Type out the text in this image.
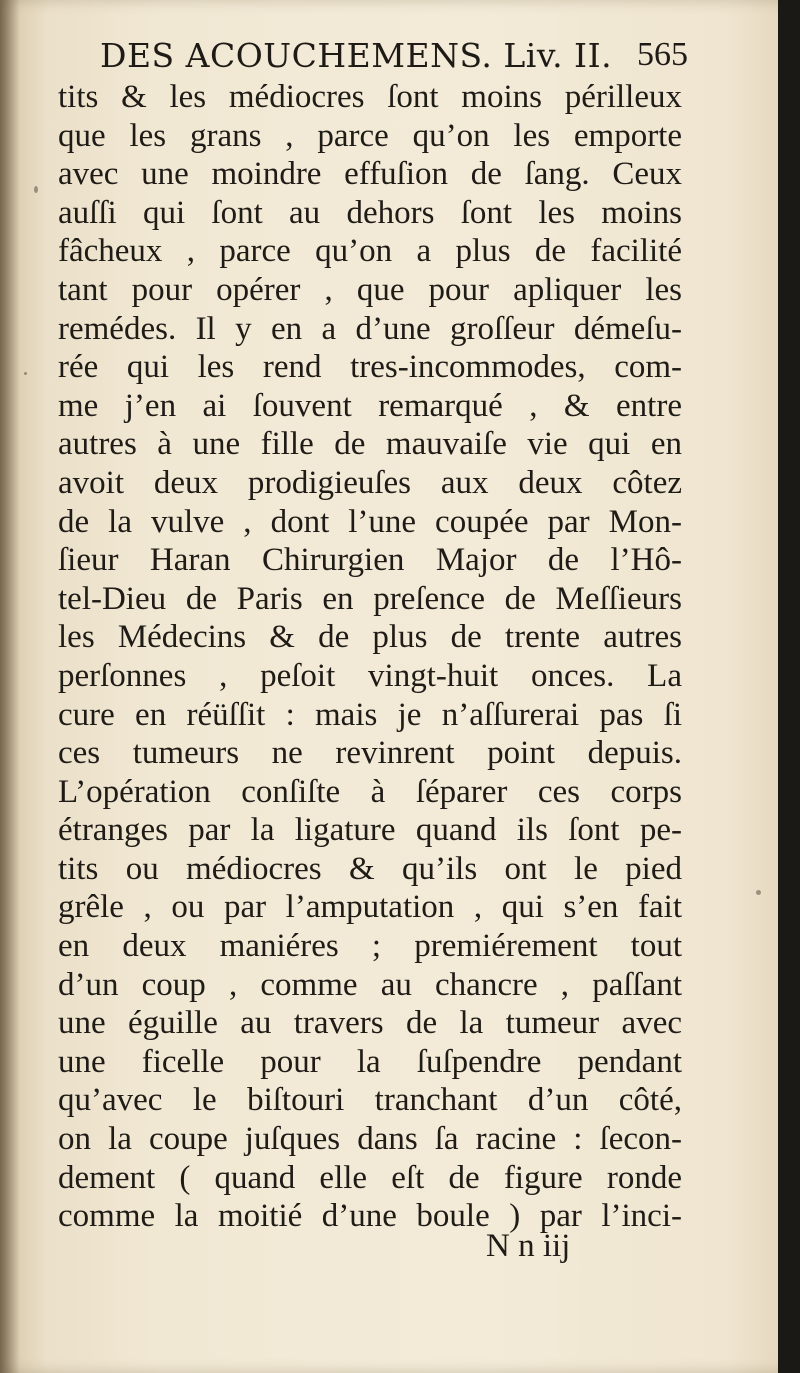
DES ACOUCHEMENS. Liv. II. 565
tits & les médiocres ſont moins périlleux
que les grans , parce qu’on les emporte
avec une moindre effuſion de ſang. Ceux
auſſi qui ſont au dehors ſont les moins
fâcheux , parce qu’on a plus de facilité
tant pour opérer , que pour apliquer les
remédes. Il y en a d’une groſſeur démeſu-
rée qui les rend tres-incommodes, com-
me j’en ai ſouvent remarqué , & entre
autres à une fille de mauvaiſe vie qui en
avoit deux prodigieuſes aux deux côtez
de la vulve , dont l’une coupée par Mon-
ſieur Haran Chirurgien Major de l’Hô-
tel-Dieu de Paris en preſence de Meſſieurs
les Médecins & de plus de trente autres
perſonnes , peſoit vingt-huit onces. La
cure en réüſſit : mais je n’aſſurerai pas ſi
ces tumeurs ne revinrent point depuis.
L’opération conſiſte à ſéparer ces corps
étranges par la ligature quand ils ſont pe-
tits ou médiocres & qu’ils ont le pied
grêle , ou par l’amputation , qui s’en fait
en deux maniéres ; premiérement tout
d’un coup , comme au chancre , paſſant
une éguille au travers de la tumeur avec
une ficelle pour la ſuſpendre pendant
qu’avec le biſtouri tranchant d’un côté,
on la coupe juſques dans ſa racine : ſecon-
dement ( quand elle eſt de figure ronde
comme la moitié d’une boule ) par l’inci-
N n iij
